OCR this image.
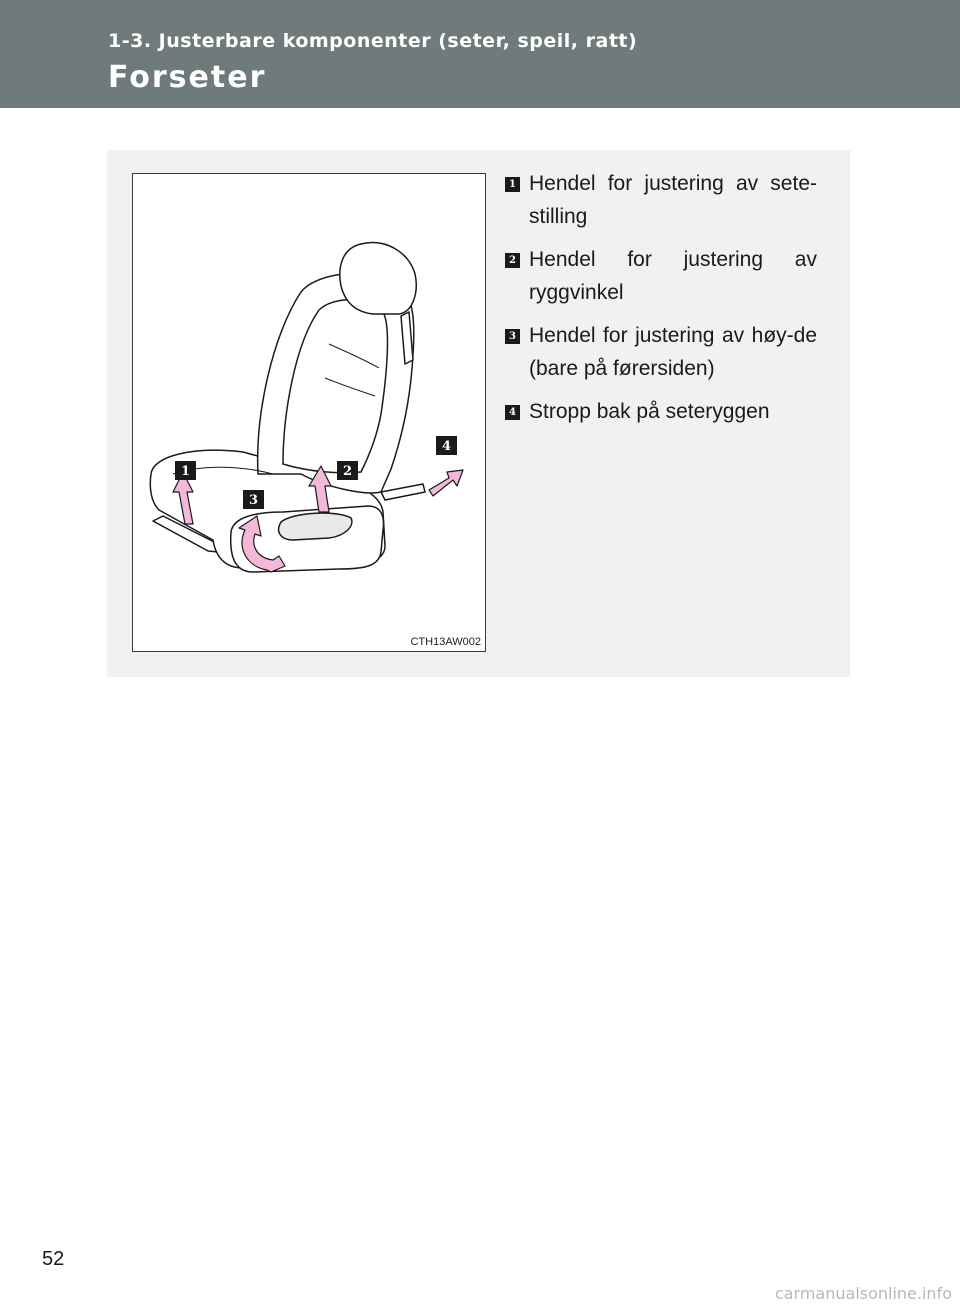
1-3. Justerbare komponenter (seter, speil, ratt)
Forseter
1	2
3
4
CTH13AW002
1 Hendel for justering av sete-stilling
2 Hendel for justering av ryggvinkel
3 Hendel for justering av høy-de (bare på førersiden)
4 Stropp bak på seteryggen
52
carmanualsonline.info
